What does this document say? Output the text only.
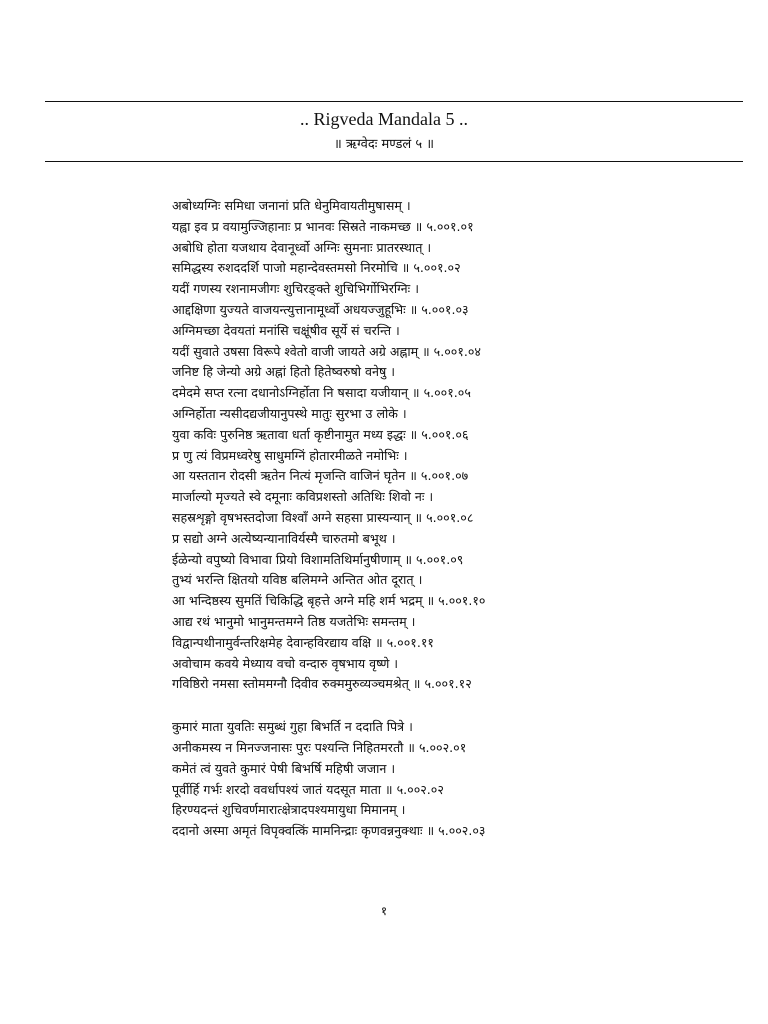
.. Rigveda Mandala 5 ..
॥ ऋग्वेदः मण्डलं ५ ॥
अबोध्यग्निः समिधा जनानां प्रति धेनुमिवायतीमुषासम् ।
यह्वा इव प्र वयामुज्जिहानाः प्र भानवः सिस्रते नाकमच्छ ॥ ५.००१.०१
अबोधि होता यजथाय देवानूर्ध्वो अग्निः सुमनाः प्रातरस्थात् ।
समिद्धस्य रुशददर्शि पाजो महान्देवस्तमसो निरमोचि ॥ ५.००१.०२
यदीं गणस्य रशनामजीगः शुचिरङ्क्ते शुचिभिर्गोभिरग्निः ।
आद्दक्षिणा युज्यते वाजयन्त्युत्तानामूर्ध्वो अधयज्जुहूभिः ॥ ५.००१.०३
अग्निमच्छा देवयतां मनांसि चक्षूंषीव सूर्ये सं चरन्ति ।
यदीं सुवाते उषसा विरूपे श्वेतो वाजी जायते अग्रे अह्नाम् ॥ ५.००१.०४
जनिष्ट हि जेन्यो अग्रे अह्नां हितो हितेष्वरुषो वनेषु ।
दमेदमे सप्त रत्ना दधानोऽग्निर्होता नि षसादा यजीयान् ॥ ५.००१.०५
अग्निर्होता न्यसीदद्यजीयानुपस्थे मातुः सुरभा उ लोके ।
युवा कविः पुरुनिष्ठ ऋतावा धर्ता कृष्टीनामुत मध्य इद्धः ॥ ५.००१.०६
प्र णु त्यं विप्रमध्वरेषु साधुमग्निं होतारमीळते नमोभिः ।
आ यस्ततान रोदसी ऋतेन नित्यं मृजन्ति वाजिनं घृतेन ॥ ५.००१.०७
मार्जाल्यो मृज्यते स्वे दमूनाः कविप्रशस्तो अतिथिः शिवो नः ।
सहस्रशृङ्गो वृषभस्तदोजा विश्वाँ अग्ने सहसा प्रास्यन्यान् ॥ ५.००१.०८
प्र सद्यो अग्ने अत्येष्यन्यानाविर्यस्मै चारुतमो बभूथ ।
ईळेन्यो वपुष्यो विभावा प्रियो विशामतिथिर्मानुषीणाम् ॥ ५.००१.०९
तुभ्यं भरन्ति क्षितयो यविष्ठ बलिमग्ने अन्तित ओत दूरात् ।
आ भन्दिष्ठस्य सुमतिं चिकिद्धि बृहत्ते अग्ने महि शर्म भद्रम् ॥ ५.००१.१०
आद्य रथं भानुमो भानुमन्तमग्ने तिष्ठ यजतेभिः समन्तम् ।
विद्वान्पथीनामुर्वन्तरिक्षमेह देवान्हविरद्याय वक्षि ॥ ५.००१.११
अवोचाम कवये मेध्याय वचो वन्दारु वृषभाय वृष्णे ।
गविष्ठिरो नमसा स्तोममग्नौ दिवीव रुक्ममुरुव्यञ्चमश्रेत् ॥ ५.००१.१२
कुमारं माता युवतिः समुब्धं गुहा बिभर्ति न ददाति पित्रे ।
अनीकमस्य न मिनज्जनासः पुरः पश्यन्ति निहितमरतौ ॥ ५.००२.०१
कमेतं त्वं युवते कुमारं पेषी बिभर्षि महिषी जजान ।
पूर्वीर्हि गर्भः शरदो ववर्धापश्यं जातं यदसूत माता ॥ ५.००२.०२
हिरण्यदन्तं शुचिवर्णमारात्क्षेत्रादपश्यमायुधा मिमानम् ।
ददानो अस्मा अमृतं विपृक्वत्किं मामनिन्द्राः कृणवन्ननुक्थाः ॥ ५.००२.०३
१
